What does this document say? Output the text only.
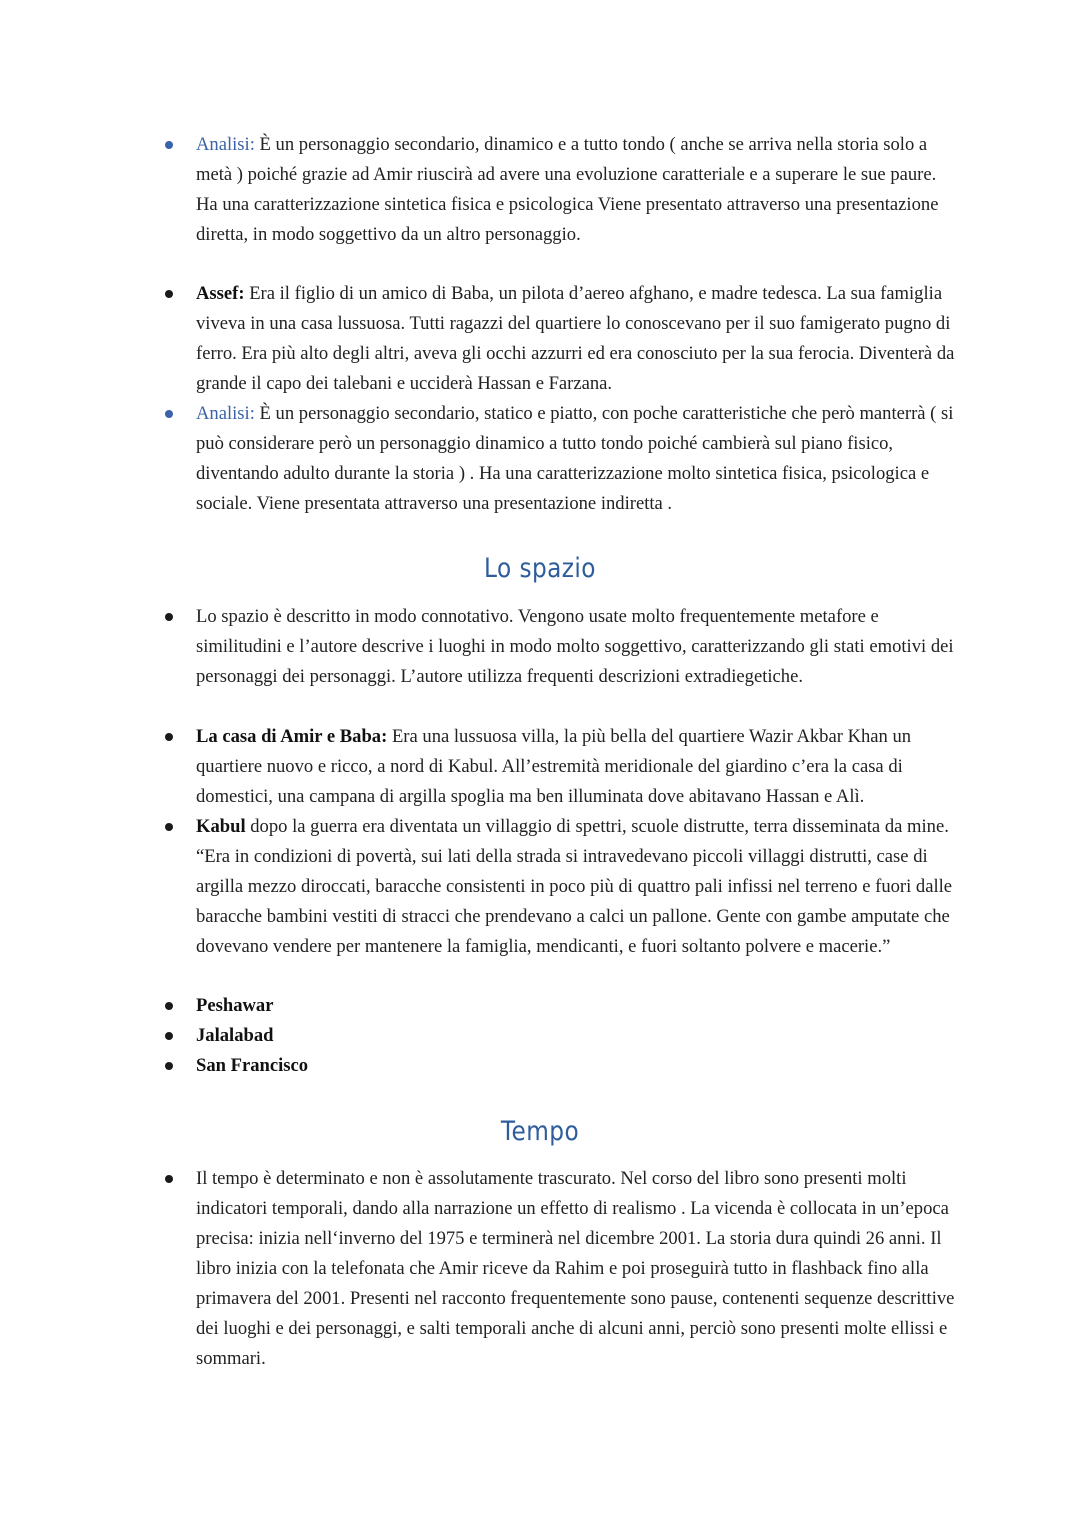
Analisi: È un personaggio secondario, dinamico e a tutto tondo ( anche se arriva nella storia solo a metà ) poiché grazie ad Amir riuscirà ad avere una evoluzione caratteriale e a superare le sue paure. Ha una caratterizzazione sintetica fisica e psicologica Viene presentato attraverso una presentazione diretta, in modo soggettivo da un altro personaggio.
Assef: Era il figlio di un amico di Baba, un pilota d’aereo afghano, e madre tedesca. La sua famiglia viveva in una casa lussuosa. Tutti ragazzi del quartiere lo conoscevano per il suo famigerato pugno di ferro. Era più alto degli altri, aveva gli occhi azzurri ed era conosciuto per la sua ferocia. Diventerà da grande il capo dei talebani e ucciderà Hassan e Farzana.
Analisi: È un personaggio secondario, statico e piatto, con poche caratteristiche che però manterrà ( si può considerare però un personaggio dinamico a tutto tondo poiché cambierà sul piano fisico, diventando adulto durante la storia ) . Ha una caratterizzazione molto sintetica fisica, psicologica e sociale. Viene presentata attraverso una presentazione indiretta .
Lo spazio
Lo spazio è descritto in modo connotativo. Vengono usate molto frequentemente metafore e similitudini e l’autore descrive i luoghi in modo molto soggettivo, caratterizzando gli stati emotivi dei personaggi dei personaggi. L’autore utilizza frequenti descrizioni extradiegetiche.
La casa di Amir e Baba: Era una lussuosa villa, la più bella del quartiere Wazir Akbar Khan un quartiere nuovo e ricco, a nord di Kabul. All’estremità meridionale del giardino c’era la casa di domestici, una campana di argilla spoglia ma ben illuminata dove abitavano Hassan e Alì.
Kabul dopo la guerra era diventata un villaggio di spettri, scuole distrutte, terra disseminata da mine. “Era in condizioni di povertà, sui lati della strada si intravedevano piccoli villaggi distrutti, case di argilla mezzo diroccati, baracche consistenti in poco più di quattro pali infissi nel terreno e fuori dalle baracche bambini vestiti di stracci che prendevano a calci un pallone. Gente con gambe amputate che dovevano vendere per mantenere la famiglia, mendicanti, e fuori soltanto polvere e macerie.”
Peshawar
Jalalabad
San Francisco
Tempo
Il tempo è determinato e non è assolutamente trascurato. Nel corso del libro sono presenti molti indicatori temporali, dando alla narrazione un effetto di realismo . La vicenda è collocata in un’epoca precisa: inizia nell‘inverno del 1975 e terminerà nel dicembre 2001. La storia dura quindi 26 anni. Il libro inizia con la telefonata che Amir riceve da Rahim e poi proseguirà tutto in flashback fino alla primavera del 2001. Presenti nel racconto frequentemente sono pause, contenenti sequenze descrittive dei luoghi e dei personaggi, e salti temporali anche di alcuni anni, perciò sono presenti molte ellissi e sommari.
